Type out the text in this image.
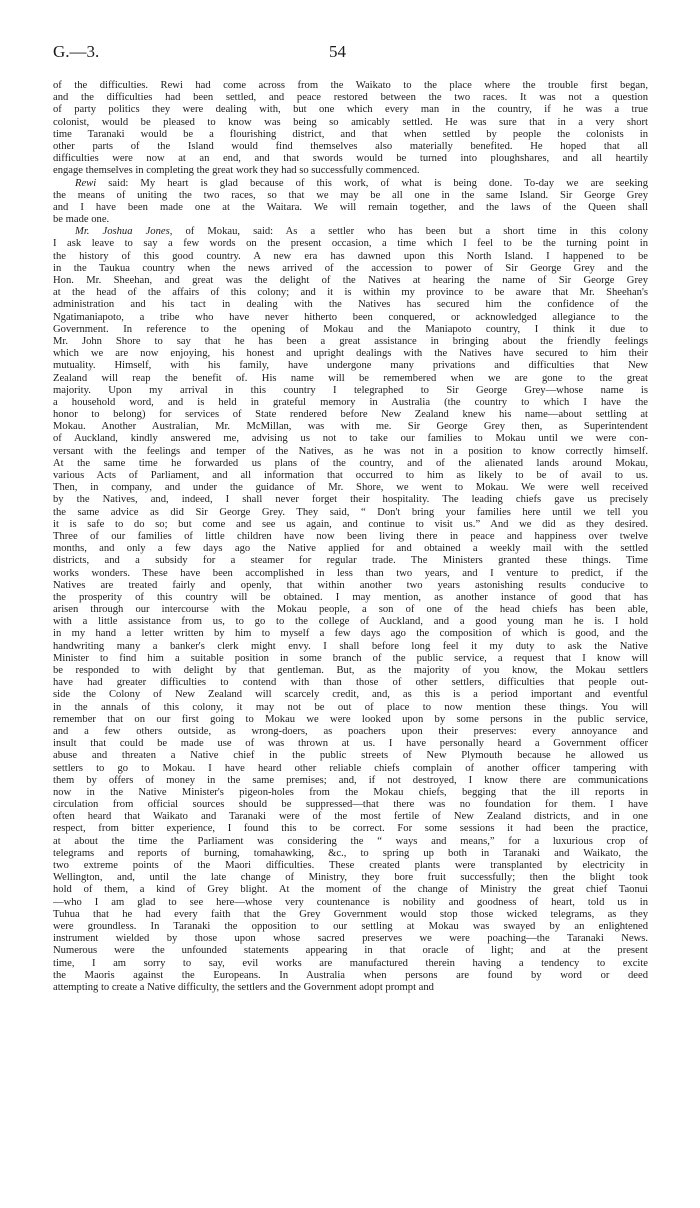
G.—3.	54
of the difficulties. Rewi had come across from the Waikato to the place where the trouble first began,
and the difficulties had been settled, and peace restored between the two races. It was not a question
of party politics they were dealing with, but one which every man in the country, if he was a true
colonist, would be pleased to know was being so amicably settled. He was sure that in a very short
time Taranaki would be a flourishing district, and that when settled by people the colonists in
other parts of the Island would find themselves also materially benefited. He hoped that all
difficulties were now at an end, and that swords would be turned into ploughshares, and all heartily
engage themselves in completing the great work they had so successfully commenced.
Rewi said: My heart is glad because of this work, of what is being done. To-day we are seeking
the means of uniting the two races, so that we may be all one in the same Island. Sir George Grey
and I have been made one at the Waitara. We will remain together, and the laws of the Queen shall
be made one.
Mr. Joshua Jones, of Mokau, said: As a settler who has been but a short time in this colony
I ask leave to say a few words on the present occasion, a time which I feel to be the turning point in
the history of this good country. A new era has dawned upon this North Island. I happened to be
in the Taukua country when the news arrived of the accession to power of Sir George Grey and the
Hon. Mr. Sheehan, and great was the delight of the Natives at hearing the name of Sir George Grey
at the head of the affairs of this colony; and it is within my province to be aware that Mr. Sheehan's
administration and his tact in dealing with the Natives has secured him the confidence of the
Ngatimaniapoto, a tribe who have never hitherto been conquered, or acknowledged allegiance to the
Government. In reference to the opening of Mokau and the Maniapoto country, I think it due to
Mr. John Shore to say that he has been a great assistance in bringing about the friendly feelings
which we are now enjoying, his honest and upright dealings with the Natives have secured to him their
mutuality. Himself, with his family, have undergone many privations and difficulties that New
Zealand will reap the benefit of. His name will be remembered when we are gone to the great
majority. Upon my arrival in this country I telegraphed to Sir George Grey—whose name is
a household word, and is held in grateful memory in Australia (the country to which I have the
honor to belong) for services of State rendered before New Zealand knew his name—about settling at
Mokau. Another Australian, Mr. McMillan, was with me. Sir George Grey then, as Superintendent
of Auckland, kindly answered me, advising us not to take our families to Mokau until we were con-
versant with the feelings and temper of the Natives, as he was not in a position to know correctly himself.
At the same time he forwarded us plans of the country, and of the alienated lands around Mokau,
various Acts of Parliament, and all information that occurred to him as likely to be of avail to us.
Then, in company, and under the guidance of Mr. Shore, we went to Mokau. We were well received
by the Natives, and, indeed, I shall never forget their hospitality. The leading chiefs gave us precisely
the same advice as did Sir George Grey. They said, “ Don't bring your families here until we tell you
it is safe to do so; but come and see us again, and continue to visit us.” And we did as they desired.
Three of our families of little children have now been living there in peace and happiness over twelve
months, and only a few days ago the Native applied for and obtained a weekly mail with the settled
districts, and a subsidy for a steamer for regular trade. The Ministers granted these things. Time
works wonders. These have been accomplished in less than two years, and I venture to predict, if the
Natives are treated fairly and openly, that within another two years astonishing results conducive to
the prosperity of this country will be obtained. I may mention, as another instance of good that has
arisen through our intercourse with the Mokau people, a son of one of the head chiefs has been able,
with a little assistance from us, to go to the college of Auckland, and a good young man he is. I hold
in my hand a letter written by him to myself a few days ago the composition of which is good, and the
handwriting many a banker's clerk might envy. I shall before long feel it my duty to ask the Native
Minister to find him a suitable position in some branch of the public service, a request that I know will
be responded to with delight by that gentleman. But, as the majority of you know, the Mokau settlers
have had greater difficulties to contend with than those of other settlers, difficulties that people out-
side the Colony of New Zealand will scarcely credit, and, as this is a period important and eventful
in the annals of this colony, it may not be out of place to now mention these things. You will
remember that on our first going to Mokau we were looked upon by some persons in the public service,
and a few others outside, as wrong-doers, as poachers upon their preserves: every annoyance and
insult that could be made use of was thrown at us. I have personally heard a Government officer
abuse and threaten a Native chief in the public streets of New Plymouth because he allowed us
settlers to go to Mokau. I have heard other reliable chiefs complain of another officer tampering with
them by offers of money in the same premises; and, if not destroyed, I know there are communications
now in the Native Minister's pigeon-holes from the Mokau chiefs, begging that the ill reports in
circulation from official sources should be suppressed—that there was no foundation for them. I have
often heard that Waikato and Taranaki were of the most fertile of New Zealand districts, and in one
respect, from bitter experience, I found this to be correct. For some sessions it had been the practice,
at about the time the Parliament was considering the “ ways and means,” for a luxurious crop of
telegrams and reports of burning, tomahawking, &c., to spring up both in Taranaki and Waikato, the
two extreme points of the Maori difficulties. These created plants were transplanted by electricity in
Wellington, and, until the late change of Ministry, they bore fruit successfully; then the blight took
hold of them, a kind of Grey blight. At the moment of the change of Ministry the great chief Taonui
—who I am glad to see here—whose very countenance is nobility and goodness of heart, told us in
Tuhua that he had every faith that the Grey Government would stop those wicked telegrams, as they
were groundless. In Taranaki the opposition to our settling at Mokau was swayed by an enlightened
instrument wielded by those upon whose sacred preserves we were poaching—the Taranaki News.
Numerous were the unfounded statements appearing in that oracle of light; and at the present
time, I am sorry to say, evil works are manufactured therein having a tendency to excite
the Maoris against the Europeans. In Australia when persons are found by word or deed
attempting to create a Native difficulty, the settlers and the Government adopt prompt and
